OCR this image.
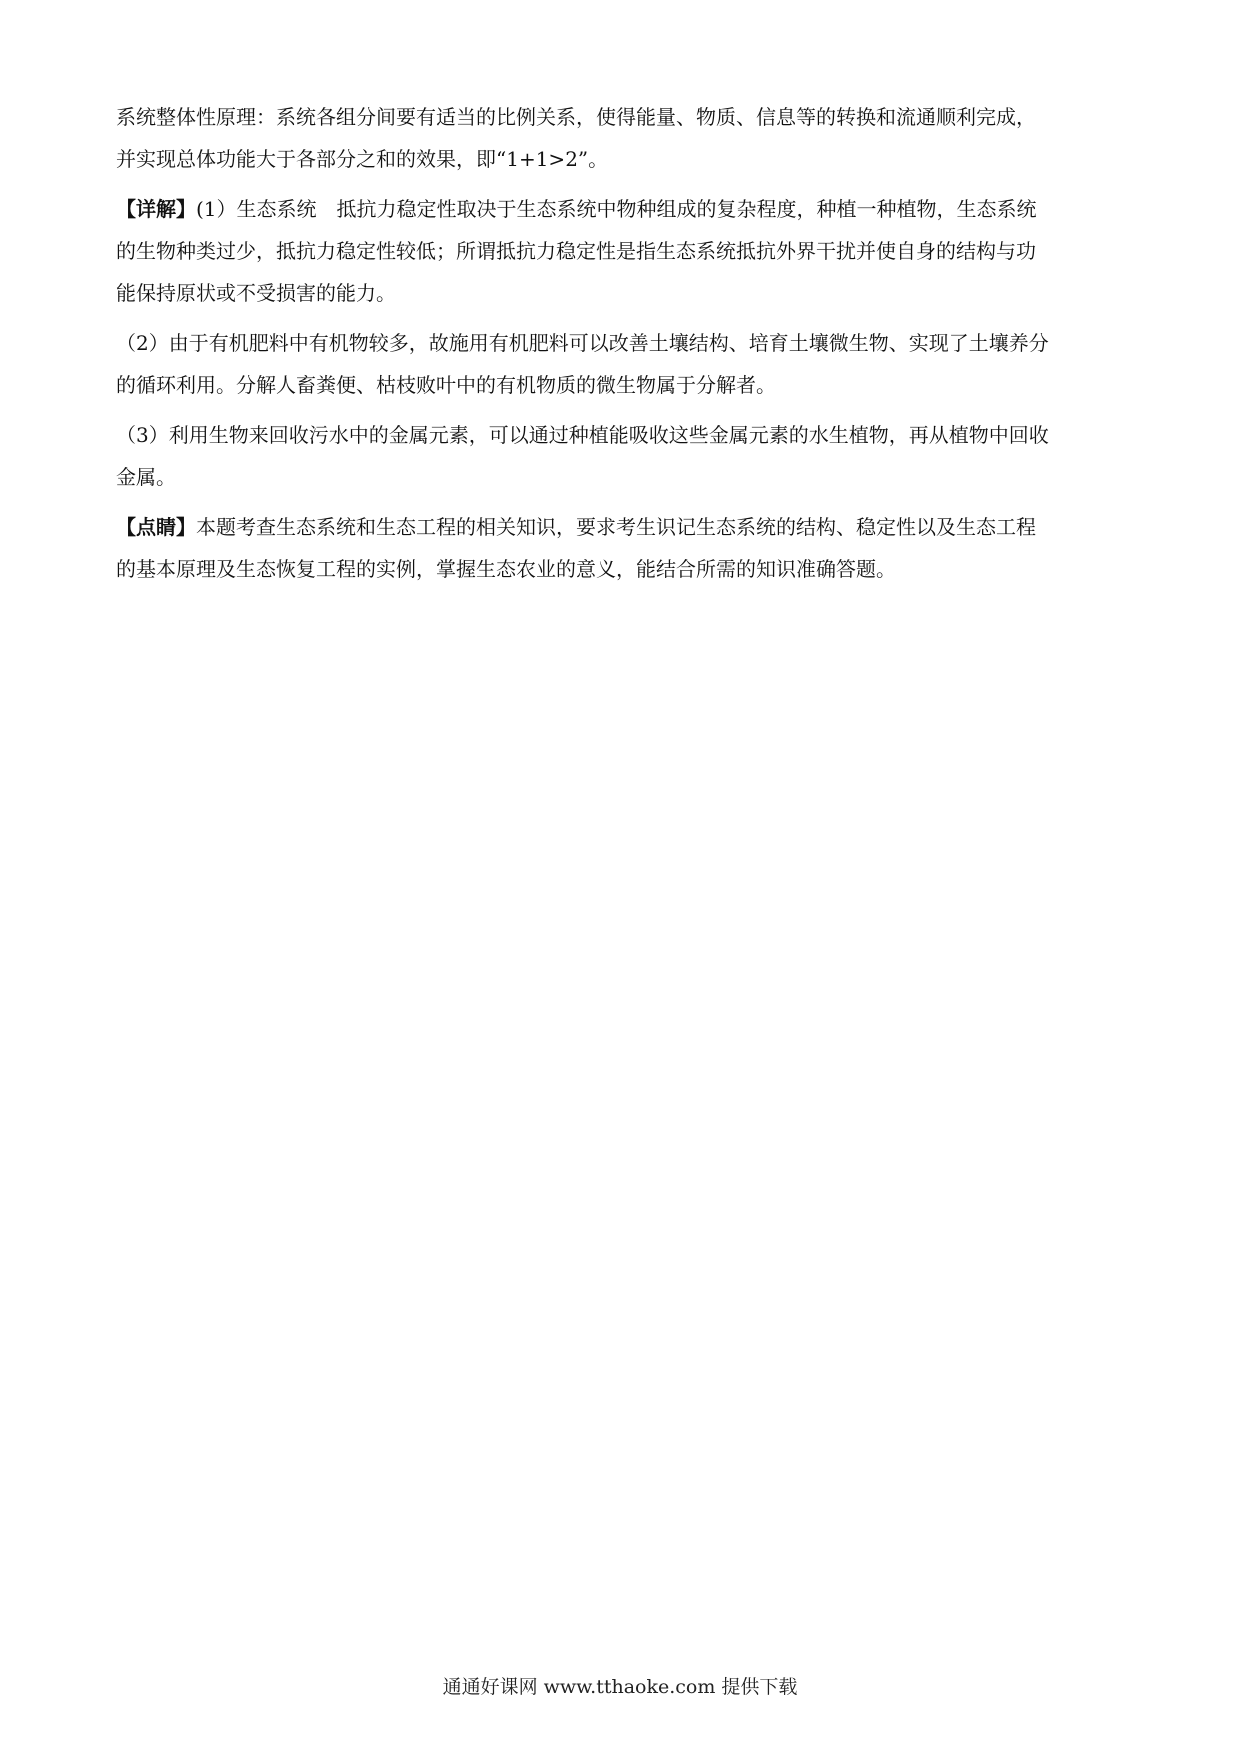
系统整体性原理：系统各组分间要有适当的比例关系，使得能量、物质、信息等的转换和流通顺利完成，
并实现总体功能大于各部分之和的效果，即“1+1>2”。

【详解】(1）生态系统　抵抗力稳定性取决于生态系统中物种组成的复杂程度，种植一种植物，生态系统
的生物种类过少，抵抗力稳定性较低；所谓抵抗力稳定性是指生态系统抵抗外界干扰并使自身的结构与功
能保持原状或不受损害的能力。

（2）由于有机肥料中有机物较多，故施用有机肥料可以改善土壤结构、培育土壤微生物、实现了土壤养分
的循环利用。分解人畜粪便、枯枝败叶中的有机物质的微生物属于分解者。

（3）利用生物来回收污水中的金属元素，可以通过种植能吸收这些金属元素的水生植物，再从植物中回收
金属。

【点睛】本题考查生态系统和生态工程的相关知识，要求考生识记生态系统的结构、稳定性以及生态工程
的基本原理及生态恢复工程的实例，掌握生态农业的意义，能结合所需的知识准确答题。

通通好课网 www.tthaoke.com 提供下载
